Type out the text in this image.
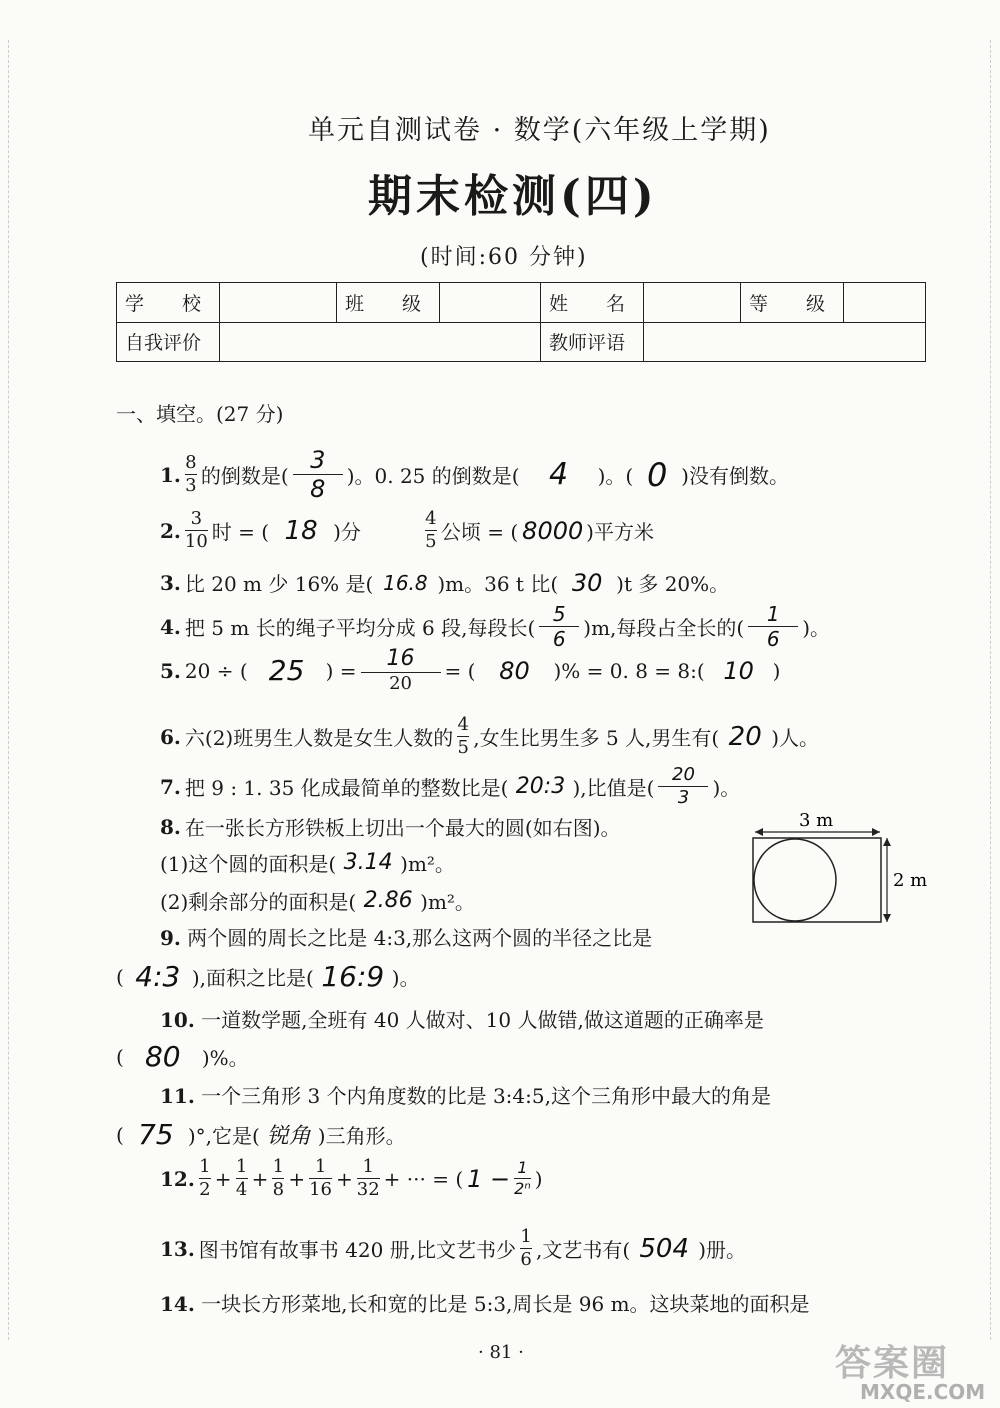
单元自测试卷 · 数学(六年级上学期)
期末检测(四)
(时间:60 分钟)
学　　校		班　　级		姓　　名		等　　级	
自我评价				教师评语			
一、填空。(27 分)
1. $\frac{8}{3}$ 的倒数是( $\frac{3}{8}$ )。0. 25 的倒数是( 4	)。( 0 )没有倒数。
2. $\frac{3}{10}$ 时 = ( 18 )分	$\frac{4}{5}$ 公顷 = ( 8000 )平方米
3. 比 20 m 少 16% 是( 16.8 )m。36 t 比( 30 )t 多 20%。
4. 把 5 m 长的绳子平均分成 6 段,每段长( $\frac{5}{6} )m$,每段占全长的( $\frac{1}{6}$ )。
5. 20 ÷ ( 25	) = $\frac{16}{20}$ = ( 80	)% = 0. 8 = 8:( 10 )
6. 六(2)班男生人数是女生人数的 $\frac{4}{5}$ ,女生比男生多 5 人,男生有( 20 )人。
7. 把 9 : 1. 35 化成最简单的整数比是( 20:3 ),比值是( $\frac{20}{3}$ )。
8. 在一张长方形铁板上切出一个最大的圆(如右图)。
(1)这个圆的面积是( 3.14 )m²。
(2)剩余部分的面积是( 2.86 )m²。
3 m
2 m
9. 两个圆的周长之比是 4:3,那么这两个圆的半径之比是
( 4:3 ),面积之比是( 16:9 )。
10. 一道数学题,全班有 40 人做对、10 人做错,做这道题的正确率是
( 80	)%。
11. 一个三角形 3 个内角度数的比是 3:4:5,这个三角形中最大的角是
( 75 )°,它是( 锐角 )三角形。
12. $\frac{1}{2} + \frac{1}{4} + \frac{1}{8} + \frac{1}{16} + \frac{1}{32}$ + ··· = ( $1 - \frac{1}{\text{2ⁿ}}$ )
13. 图书馆有故事书 420 册,比文艺书少 $\frac{1}{6}$ ,文艺书有( 504 )册。
14. 一块长方形菜地,长和宽的比是 5:3,周长是 96 m。这块菜地的面积是
· 81 ·	答案圈
MXQE.COM
